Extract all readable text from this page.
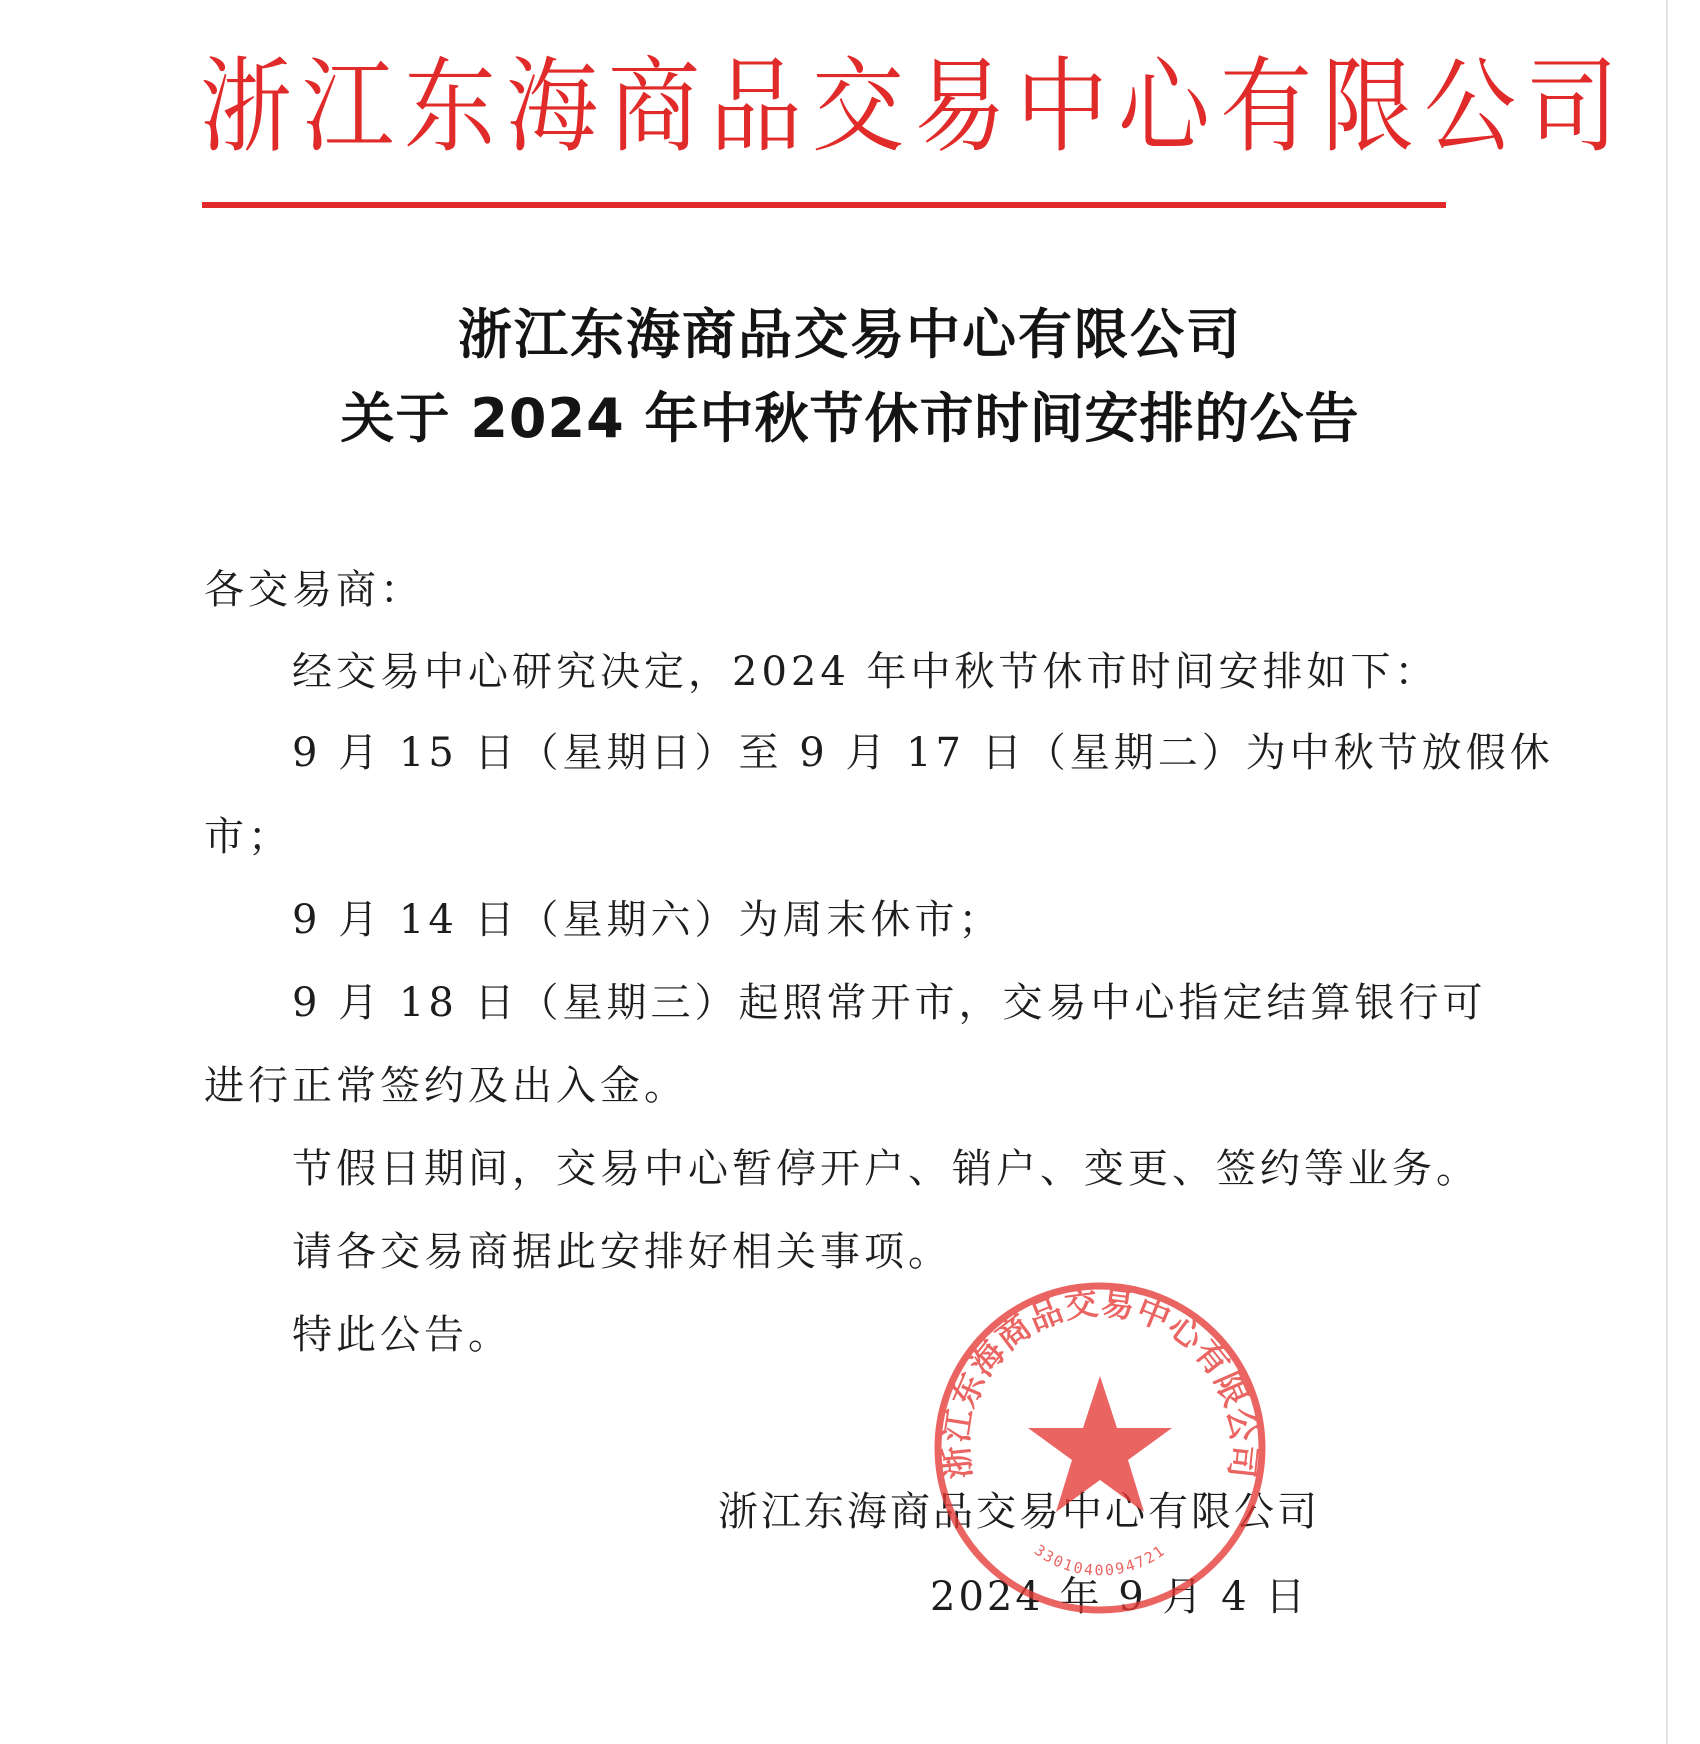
浙江东海商品交易中心有限公司
浙江东海商品交易中心有限公司
关于 2024 年中秋节休市时间安排的公告
各交易商：
经交易中心研究决定，2024 年中秋节休市时间安排如下：
9 月 15 日（星期日）至 9 月 17 日（星期二）为中秋节放假休
市；
9 月 14 日（星期六）为周末休市；
9 月 18 日（星期三）起照常开市，交易中心指定结算银行可
进行正常签约及出入金。
节假日期间，交易中心暂停开户、销户、变更、签约等业务。
请各交易商据此安排好相关事项。
特此公告。
浙江东海商品交易中心有限公司
2024 年 9 月 4 日
浙江东海商品交易中心有限公司
3301040094721
